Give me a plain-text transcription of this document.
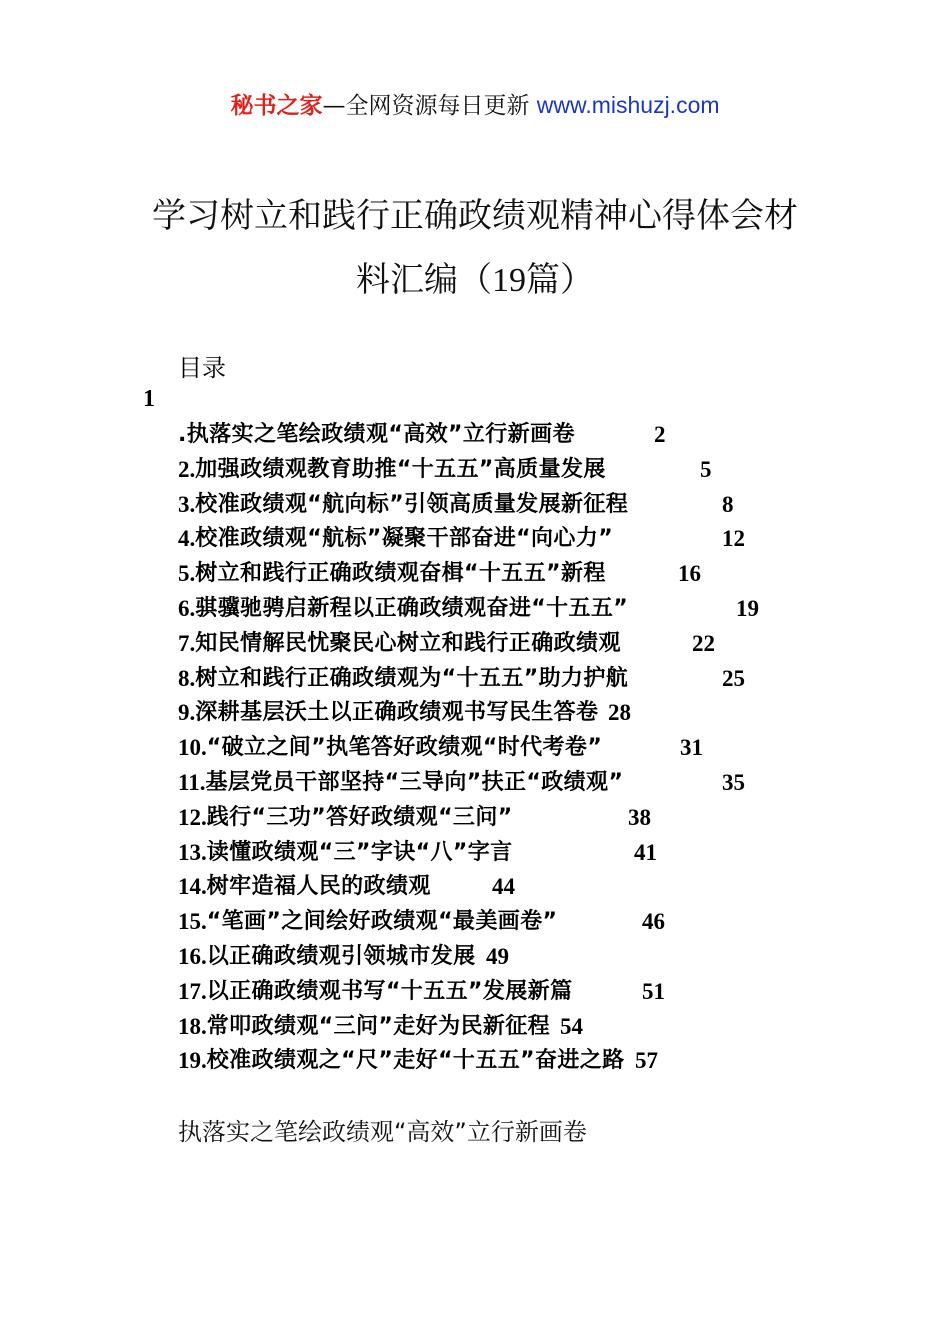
秘书之家—全网资源每日更新 www.mishuzj.com
学习树立和践行正确政绩观精神心得体会材
料汇编（19篇）
目录
1
.执落实之笔绘政绩观“高效”立行新画卷	2
2. 加强政绩观教育助推“十五五”高质量发展	5
3. 校准政绩观“航向标”引领高质量发展新征程	8
4. 校准政绩观“航标”凝聚干部奋进“向心力”	12
5. 树立和践行正确政绩观奋楫“十五五”新程	16
6. 骐骥驰骋启新程以正确政绩观奋进“十五五”	19
7. 知民情解民忧聚民心树立和践行正确政绩观	22
8. 树立和践行正确政绩观为“十五五”助力护航	25
9. 深耕基层沃土以正确政绩观书写民生答卷 28
10. “破立之间”执笔答好政绩观“时代考卷”	31
11. 基层党员干部坚持“三导向”扶正“政绩观”	35
12. 践行“三功”答好政绩观“三问”	38
13. 读懂政绩观“三”字诀“八”字言	41
14. 树牢造福人民的政绩观	44
15. “笔画”之间绘好政绩观“最美画卷”	46
16. 以正确政绩观引领城市发展 49
17. 以正确政绩观书写“十五五”发展新篇	51
18. 常叩政绩观“三问”走好为民新征程 54
19. 校准政绩观之“尺”走好“十五五”奋进之路 57
执落实之笔绘政绩观“高效”立行新画卷
